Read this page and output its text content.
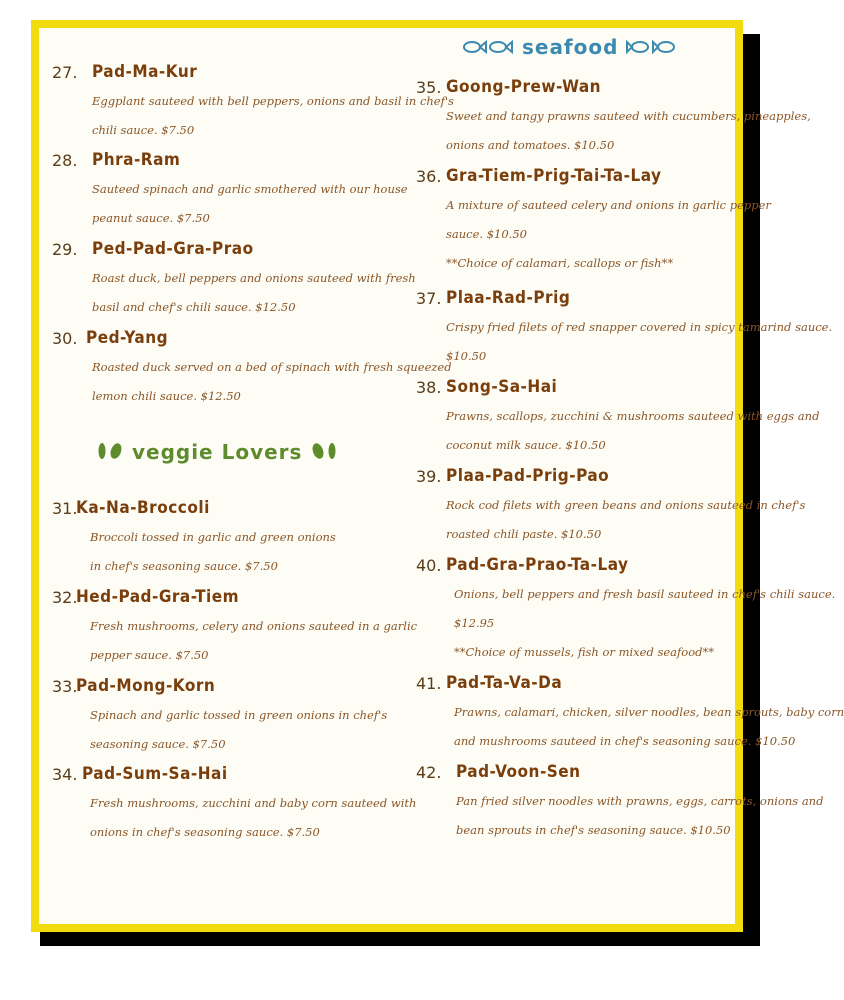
seafood
veggie Lovers
27. Pad-Ma-Kur
Eggplant sauteed with bell peppers, onions and basil in chef's
chili sauce. $7.50
28. Phra-Ram
Sauteed spinach and garlic smothered with our house
peanut sauce. $7.50
29. Ped-Pad-Gra-Prao
Roast duck, bell peppers and onions sauteed with fresh
basil and chef's chili sauce. $12.50
30. Ped-Yang
Roasted duck served on a bed of spinach with fresh squeezed
lemon chili sauce. $12.50
31.
Ka-Na-Broccoli
Broccoli tossed in garlic and green onions
in chef's seasoning sauce. $7.50
32.
Hed-Pad-Gra-Tiem
Fresh mushrooms, celery and onions sauteed in a garlic
pepper sauce. $7.50
33.
Pad-Mong-Korn
Spinach and garlic tossed in green onions in chef's
seasoning sauce. $7.50
34. Pad-Sum-Sa-Hai
Fresh mushrooms, zucchini and baby corn sauteed with
onions in chef's seasoning sauce. $7.50
35. Goong-Prew-Wan
Sweet and tangy prawns sauteed with cucumbers, pineapples,
onions and tomatoes. $10.50
36. Gra-Tiem-Prig-Tai-Ta-Lay
A mixture of sauteed celery and onions in garlic pepper
sauce. $10.50
**Choice of calamari, scallops or fish**
37. Plaa-Rad-Prig
Crispy fried filets of red snapper covered in spicy tamarind sauce.
$10.50
38. Song-Sa-Hai
Prawns, scallops, zucchini & mushrooms sauteed with eggs and
coconut milk sauce. $10.50
39. Plaa-Pad-Prig-Pao
Rock cod filets with green beans and onions sauteed in chef's
roasted chili paste. $10.50
40. Pad-Gra-Prao-Ta-Lay
Onions, bell peppers and fresh basil sauteed in chef's chili sauce.
$12.95
**Choice of mussels, fish or mixed seafood**
41. Pad-Ta-Va-Da
Prawns, calamari, chicken, silver noodles, bean sprouts, baby corn
and mushrooms sauteed in chef's seasoning sauce. $10.50
42. Pad-Voon-Sen
Pan fried silver noodles with prawns, eggs, carrots, onions and
bean sprouts in chef's seasoning sauce. $10.50
